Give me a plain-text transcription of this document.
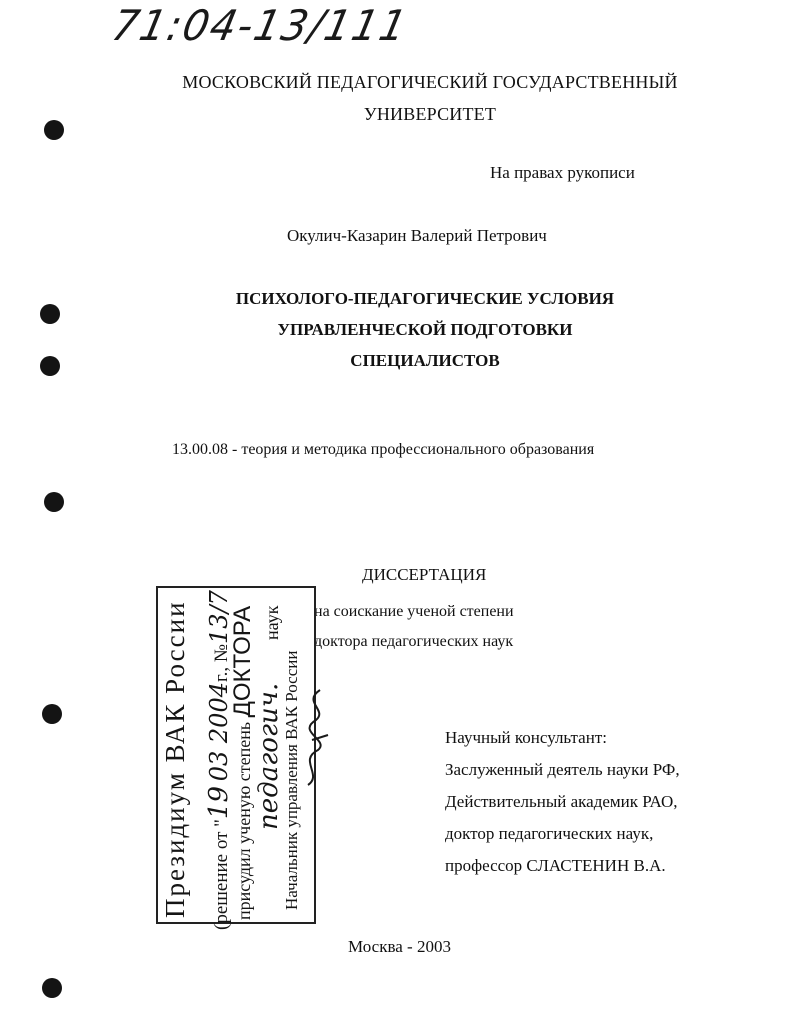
71:04-13/111
МОСКОВСКИЙ ПЕДАГОГИЧЕСКИЙ ГОСУДАРСТВЕННЫЙ
УНИВЕРСИТЕТ
На правах рукописи
Окулич-Казарин Валерий Петрович
ПСИХОЛОГО-ПЕДАГОГИЧЕСКИЕ УСЛОВИЯ
УПРАВЛЕНЧЕСКОЙ ПОДГОТОВКИ
СПЕЦИАЛИСТОВ
13.00.08 - теория и методика профессионального образования
ДИССЕРТАЦИЯ
на соискание ученой степени
доктора педагогических наук
Научный консультант:
Заслуженный деятель науки РФ,
Действительный академик РАО,
доктор педагогических наук,
профессор СЛАСТЕНИН В.А.
Москва - 2003
Президиум ВАК России	(решение от "19 03 2004г., №13/7
присудил ученую степень ДОКТОРА
педагогич.
наук
Начальник управления ВАК России
